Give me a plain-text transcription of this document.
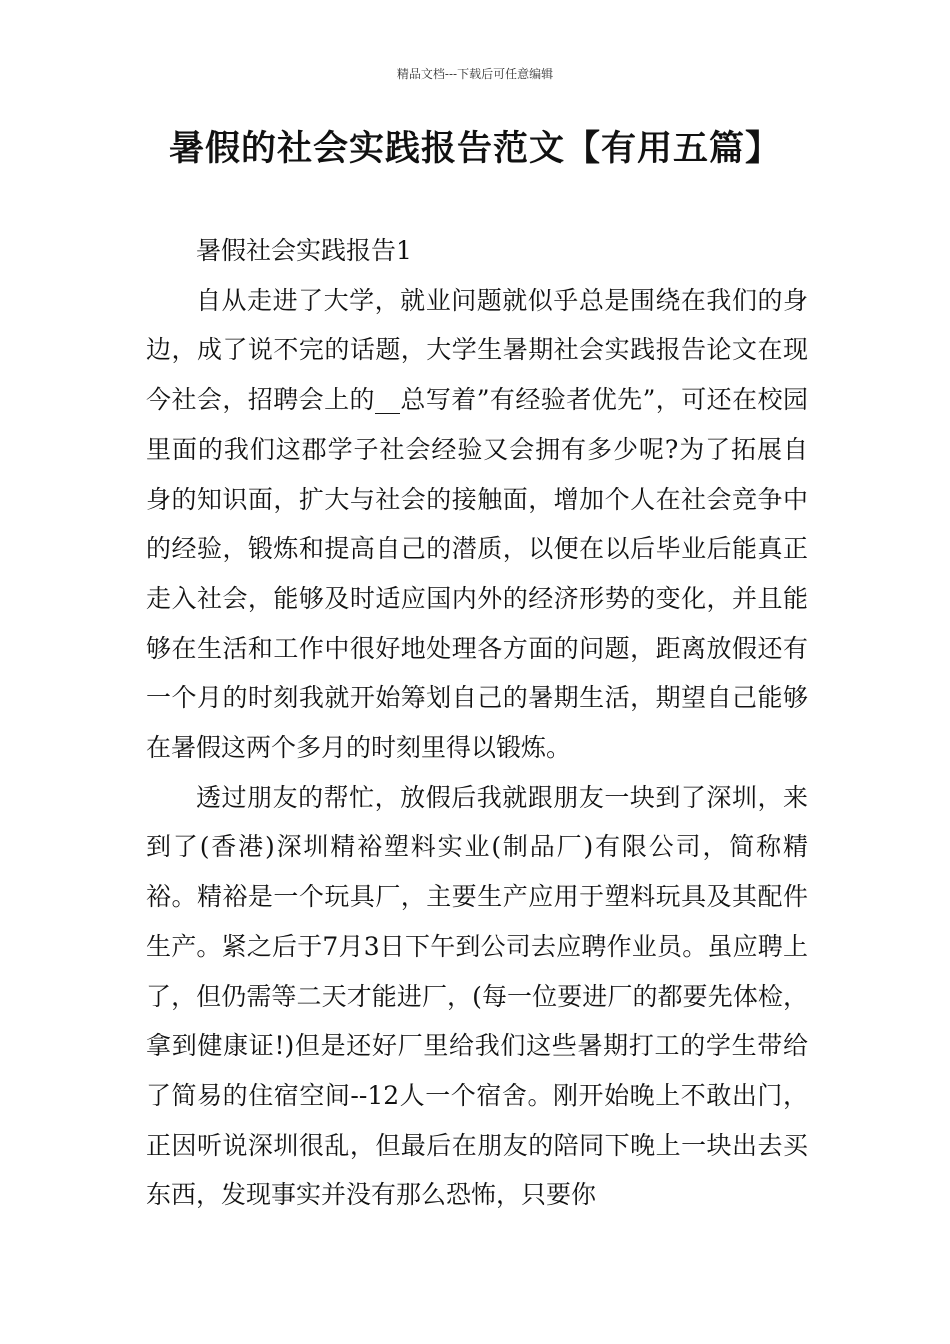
精品文档---下载后可任意编辑
暑假的社会实践报告范文【有用五篇】

暑假社会实践报告1

自从走进了大学，就业问题就似乎总是围绕在我们的身边，成了说不完的话题，大学生暑期社会实践报告论文在现今社会，招聘会上的__总写着”有经验者优先”，可还在校园里面的我们这郡学子社会经验又会拥有多少呢?为了拓展自身的知识面，扩大与社会的接触面，增加个人在社会竞争中的经验，锻炼和提高自己的潜质，以便在以后毕业后能真正走入社会，能够及时适应国内外的经济形势的变化，并且能够在生活和工作中很好地处理各方面的问题，距离放假还有一个月的时刻我就开始筹划自己的暑期生活，期望自己能够在暑假这两个多月的时刻里得以锻炼。

透过朋友的帮忙，放假后我就跟朋友一块到了深圳，来到了(香港)深圳精裕塑料实业(制品厂)有限公司，简称精裕。精裕是一个玩具厂，主要生产应用于塑料玩具及其配件生产。紧之后于7月3日下午到公司去应聘作业员。虽应聘上了，但仍需等二天才能进厂，(每一位要进厂的都要先体检，拿到健康证!)但是还好厂里给我们这些暑期打工的学生带给了简易的住宿空间--12人一个宿舍。刚开始晚上不敢出门，正因听说深圳很乱，但最后在朋友的陪同下晚上一块出去买东西，发现事实并没有那么恐怖，只要你
